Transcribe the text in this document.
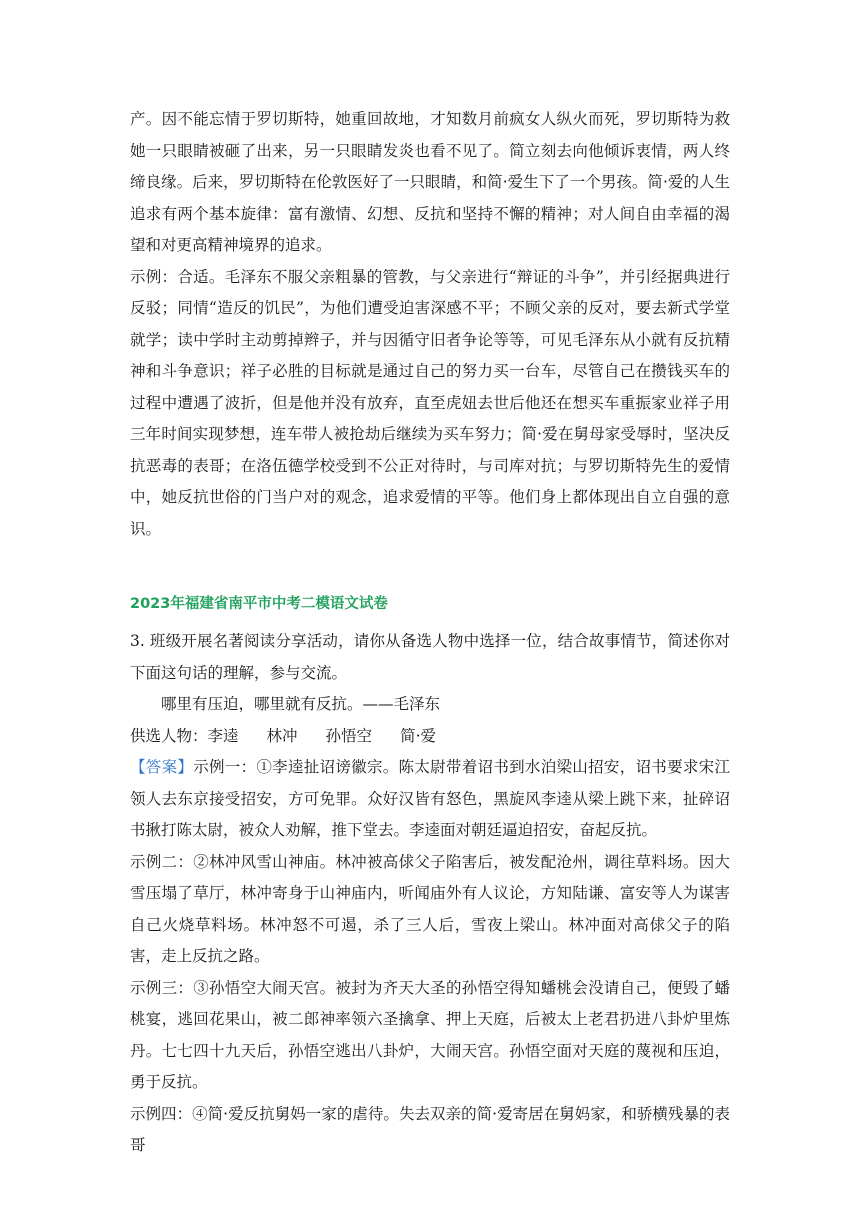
产。因不能忘情于罗切斯特，她重回故地，才知数月前疯女人纵火而死，罗切斯特为救她一只眼睛被砸了出来，另一只眼睛发炎也看不见了。简立刻去向他倾诉衷情，两人终缔良缘。后来，罗切斯特在伦敦医好了一只眼睛，和简·爱生下了一个男孩。简·爱的人生追求有两个基本旋律：富有激情、幻想、反抗和坚持不懈的精神；对人间自由幸福的渴望和对更高精神境界的追求。

示例：合适。毛泽东不服父亲粗暴的管教，与父亲进行“辩证的斗争”，并引经据典进行反驳；同情“造反的饥民”，为他们遭受迫害深感不平；不顾父亲的反对，要去新式学堂就学；读中学时主动剪掉辫子，并与因循守旧者争论等等，可见毛泽东从小就有反抗精神和斗争意识；祥子必胜的目标就是通过自己的努力买一台车，尽管自己在攒钱买车的过程中遭遇了波折，但是他并没有放弃，直至虎妞去世后他还在想买车重振家业祥子用三年时间实现梦想，连车带人被抢劫后继续为买车努力；简·爱在舅母家受辱时，坚决反抗恶毒的表哥；在洛伍德学校受到不公正对待时，与司库对抗；与罗切斯特先生的爱情中，她反抗世俗的门当户对的观念，追求爱情的平等。他们身上都体现出自立自强的意识。

2023年福建省南平市中考二模语文试卷

3. 班级开展名著阅读分享活动，请你从备选人物中选择一位，结合故事情节，简述你对下面这句话的理解，参与交流。

哪里有压迫，哪里就有反抗。——毛泽东

供选人物：李逵 林冲 孙悟空 简·爱

【答案】示例一：①李逵扯诏谤徽宗。陈太尉带着诏书到水泊梁山招安，诏书要求宋江领人去东京接受招安，方可免罪。众好汉皆有怒色，黑旋风李逵从梁上跳下来，扯碎诏书揪打陈太尉，被众人劝解，推下堂去。李逵面对朝廷逼迫招安，奋起反抗。

示例二：②林冲风雪山神庙。林冲被高俅父子陷害后，被发配沧州，调往草料场。因大雪压塌了草厅，林冲寄身于山神庙内，听闻庙外有人议论，方知陆谦、富安等人为谋害自己火烧草料场。林冲怒不可遏，杀了三人后，雪夜上梁山。林冲面对高俅父子的陷害，走上反抗之路。

示例三：③孙悟空大闹天宫。被封为齐天大圣的孙悟空得知蟠桃会没请自己，便毁了蟠桃宴，逃回花果山，被二郎神率领六圣擒拿、押上天庭，后被太上老君扔进八卦炉里炼丹。七七四十九天后，孙悟空逃出八卦炉，大闹天宫。孙悟空面对天庭的蔑视和压迫，勇于反抗。

示例四：④简·爱反抗舅妈一家的虐待。失去双亲的简·爱寄居在舅妈家，和骄横残暴的表哥
